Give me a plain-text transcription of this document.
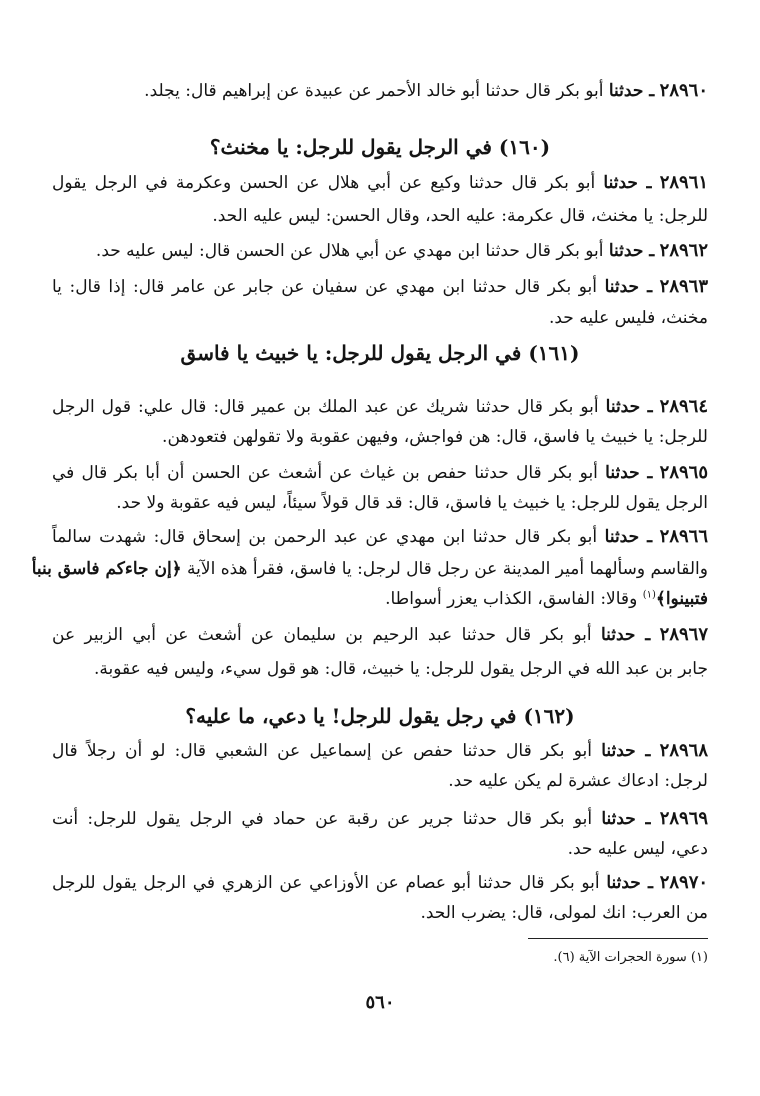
٢٨٩٦٠ ـ حدثنا أبو بكر قال حدثنا أبو خالد الأحمر عن عبيدة عن إبراهيم قال: يجلد.
(١٦٠) في الرجل يقول للرجل: يا مخنث؟
٢٨٩٦١ ـ حدثنا أبو بكر قال حدثنا وكيع عن أبي هلال عن الحسن وعكرمة في الرجل يقول
للرجل: يا مخنث، قال عكرمة: عليه الحد، وقال الحسن: ليس عليه الحد.
٢٨٩٦٢ ـ حدثنا أبو بكر قال حدثنا ابن مهدي عن أبي هلال عن الحسن قال: ليس عليه حد.
٢٨٩٦٣ ـ حدثنا أبو بكر قال حدثنا ابن مهدي عن سفيان عن جابر عن عامر قال: إذا قال: يا
مخنث، فليس عليه حد.
(١٦١) في الرجل يقول للرجل: يا خبيث يا فاسق
٢٨٩٦٤ ـ حدثنا أبو بكر قال حدثنا شريك عن عبد الملك بن عمير قال: قال علي: قول الرجل
للرجل: يا خبيث يا فاسق، قال: هن فواجش، وفيهن عقوبة ولا تقولهن فتعودهن.
٢٨٩٦٥ ـ حدثنا أبو بكر قال حدثنا حفص بن غياث عن أشعث عن الحسن أن أبا بكر قال في
الرجل يقول للرجل: يا خبيث يا فاسق، قال: قد قال قولاً سيئاً، ليس فيه عقوبة ولا حد.
٢٨٩٦٦ ـ حدثنا أبو بكر قال حدثنا ابن مهدي عن عبد الرحمن بن إسحاق قال: شهدت سالماً
والقاسم وسألهما أمير المدينة عن رجل قال لرجل: يا فاسق، فقرأ هذه الآية ﴿إن جاءكم فاسق بنبأ
فتبينوا﴾$^{(١)}$ وقالا: الفاسق، الكذاب يعزر أسواطا.
٢٨٩٦٧ ـ حدثنا أبو بكر قال حدثنا عبد الرحيم بن سليمان عن أشعث عن أبي الزبير عن
جابر بن عبد الله في الرجل يقول للرجل: يا خبيث، قال: هو قول سيء، وليس فيه عقوبة.
(١٦٢) في رجل يقول للرجل! يا دعي، ما عليه؟
٢٨٩٦٨ ـ حدثنا أبو بكر قال حدثنا حفص عن إسماعيل عن الشعبي قال: لو أن رجلاً قال
لرجل: ادعاك عشرة لم يكن عليه حد.
٢٨٩٦٩ ـ حدثنا أبو بكر قال حدثنا جرير عن رقبة عن حماد في الرجل يقول للرجل: أنت
دعي، ليس عليه حد.
٢٨٩٧٠ ـ حدثنا أبو بكر قال حدثنا أبو عصام عن الأوزاعي عن الزهري في الرجل يقول للرجل
من العرب: انك لمولى، قال: يضرب الحد.
(١) سورة الحجرات الآية (٦).
٥٦٠
